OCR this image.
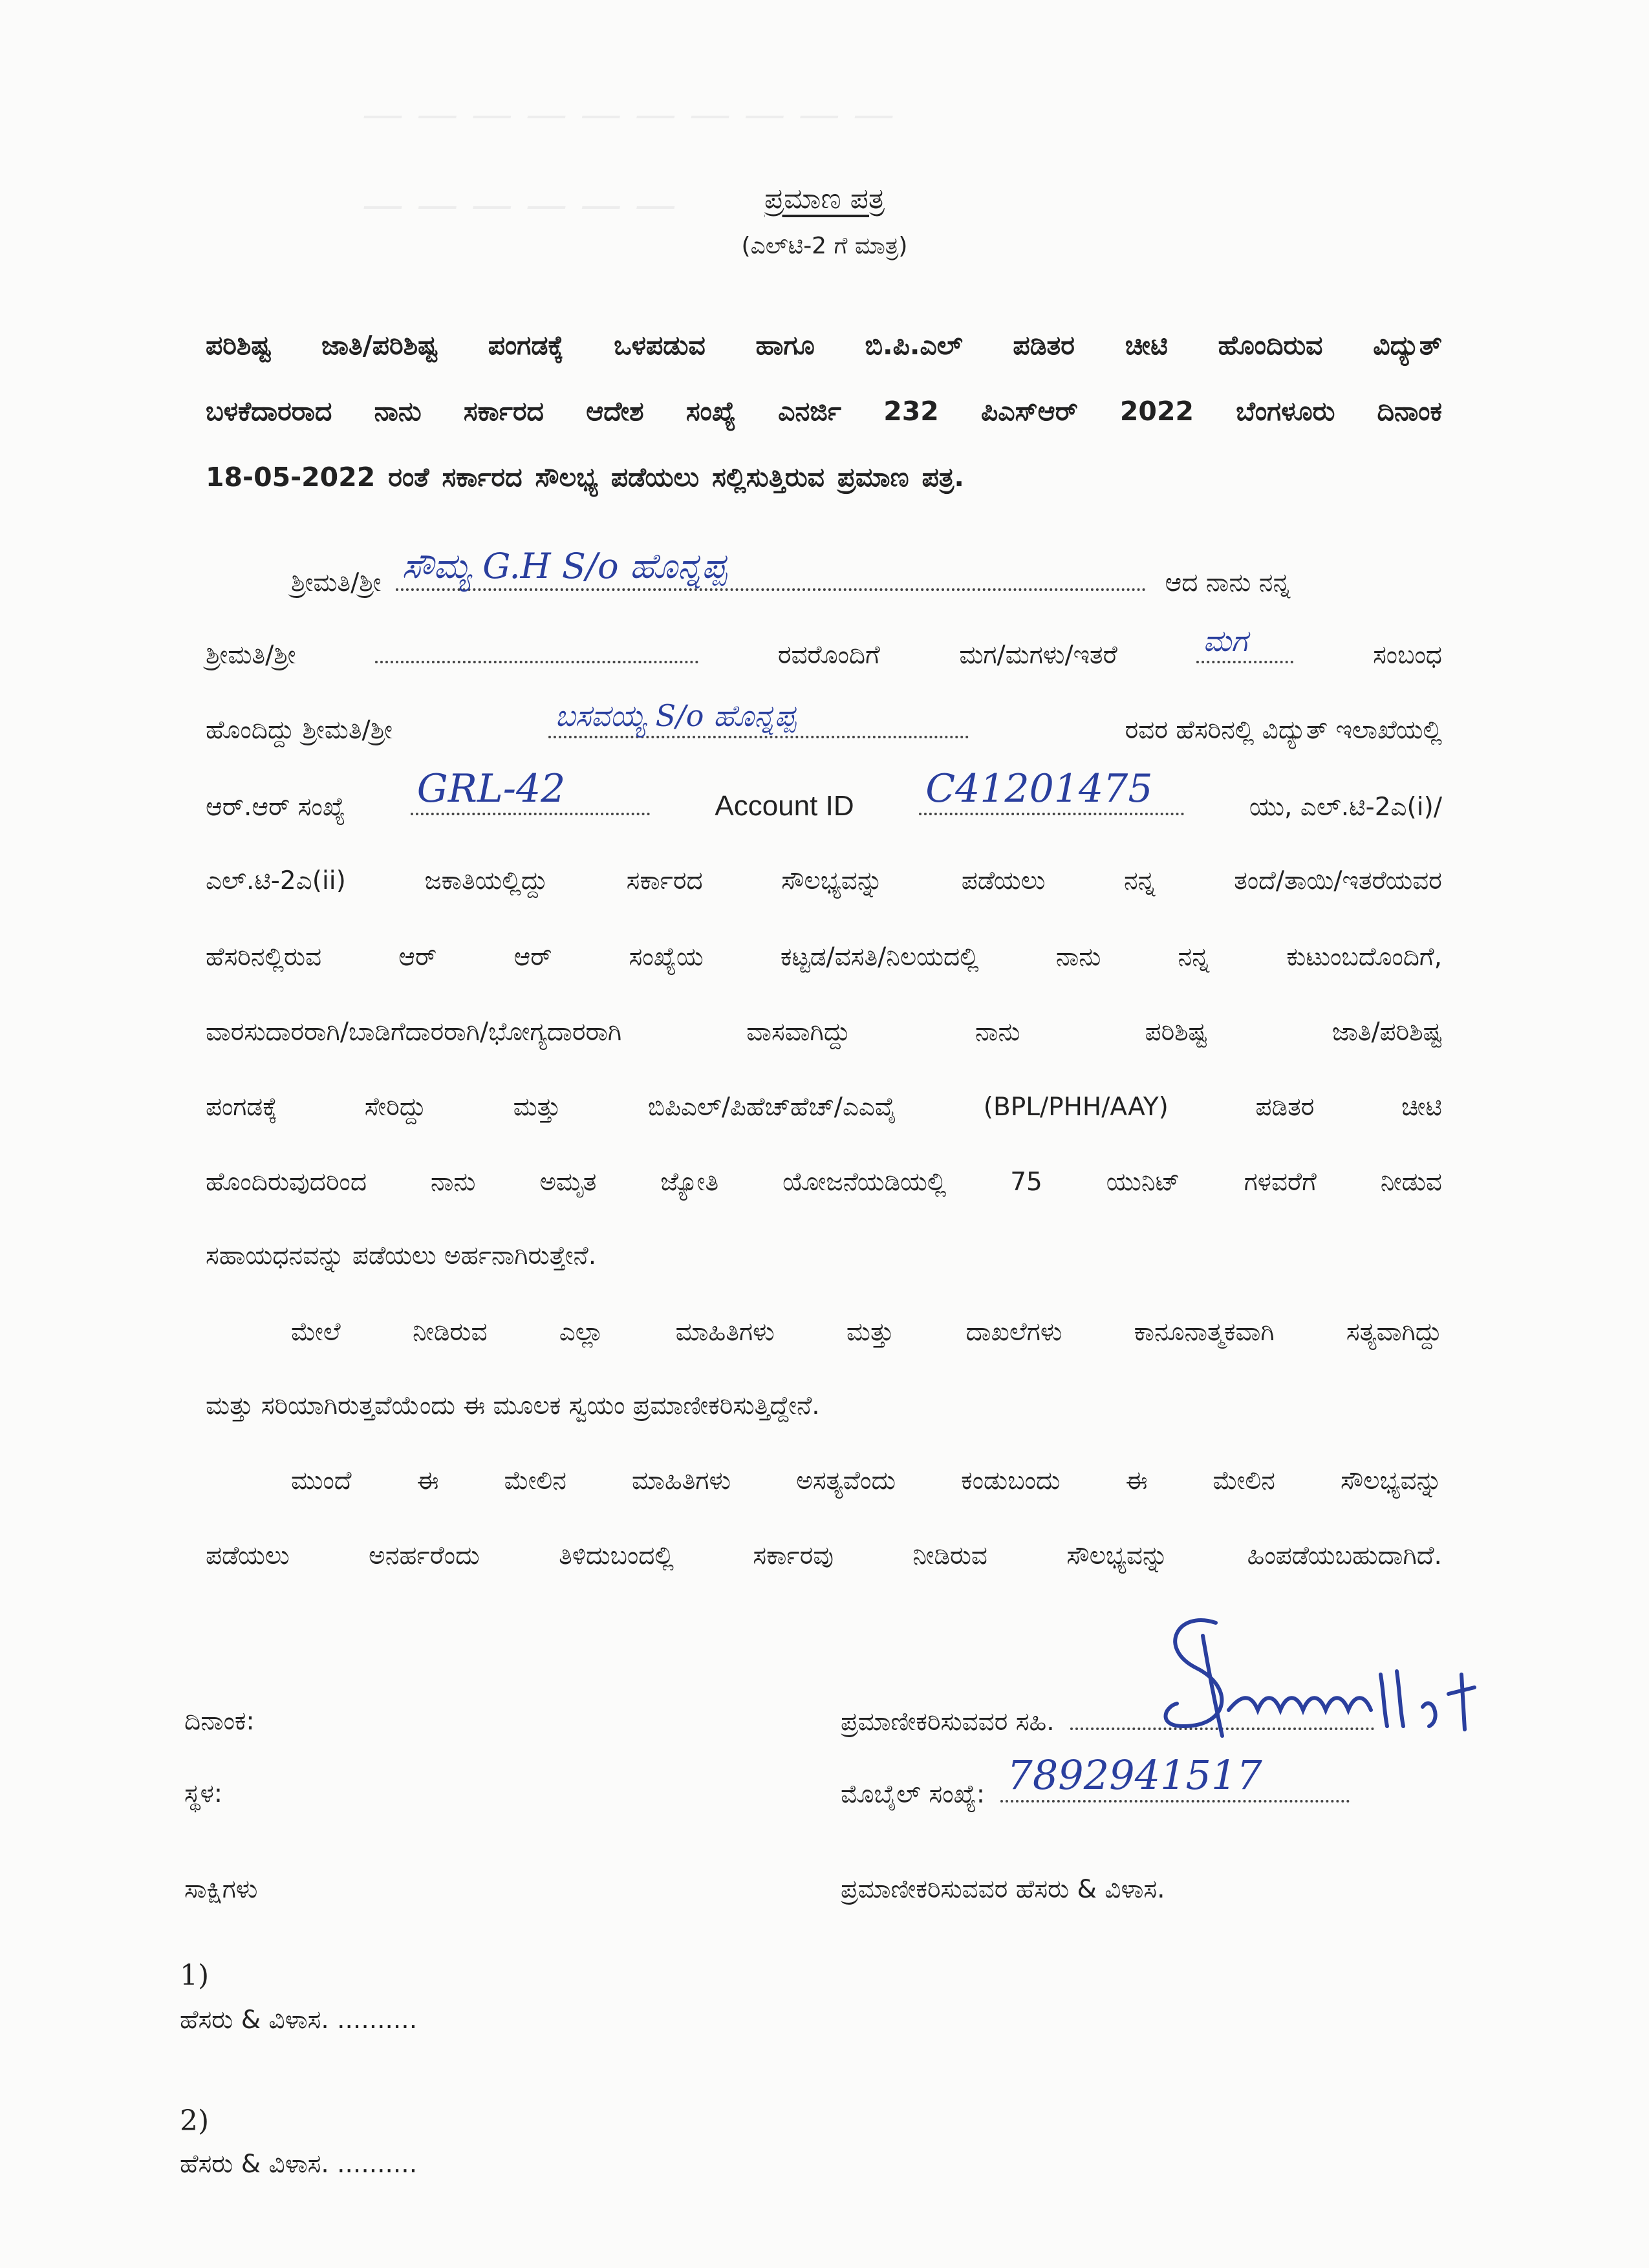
— — — — — — — — — —
— — — — — —	ಪ್ರಮಾಣ ಪತ್ರ
(ಎಲ್‌ಟಿ-2 ಗೆ ಮಾತ್ರ)
ಪರಿಶಿಷ್ಟ ಜಾತಿ/ಪರಿಶಿಷ್ಟ ಪಂಗಡಕ್ಕೆ ಒಳಪಡುವ ಹಾಗೂ ಬಿ.ಪಿ.ಎಲ್ ಪಡಿತರ ಚೀಟಿ ಹೊಂದಿರುವ ವಿದ್ಯುತ್
ಬಳಕೆದಾರರಾದ ನಾನು ಸರ್ಕಾರದ ಆದೇಶ ಸಂಖ್ಯೆ ಎನರ್ಜಿ 232 ಪಿಎಸ್‌ಆರ್ 2022 ಬೆಂಗಳೂರು ದಿನಾಂಕ
18-05-2022 ರಂತೆ ಸರ್ಕಾರದ ಸೌಲಭ್ಯ ಪಡೆಯಲು ಸಲ್ಲಿಸುತ್ತಿರುವ ಪ್ರಮಾಣ ಪತ್ರ.
ಶ್ರೀಮತಿ/ಶ್ರೀ ಸೌಮ್ಯ G.H S/o ಹೊನ್ನಪ್ಪ	ಆದ ನಾನು ನನ್ನ
ಶ್ರೀಮತಿ/ಶ್ರೀ	ರವರೊಂದಿಗೆ	ಮಗ/ಮಗಳು/ಇತರೆ	ಮಗ	ಸಂಬಂಧ
ಹೊಂದಿದ್ದು ಶ್ರೀಮತಿ/ಶ್ರೀ	ಬಸವಯ್ಯ S/o ಹೊನ್ನಪ್ಪ	ರವರ ಹೆಸರಿನಲ್ಲಿ ವಿದ್ಯುತ್ ಇಲಾಖೆಯಲ್ಲಿ
ಆರ್.ಆರ್ ಸಂಖ್ಯೆ GRL-42	Account ID C41201475	ಯು, ಎಲ್.ಟಿ-2ಎ(i)/
ಎಲ್.ಟಿ-2ಎ(ii)	ಜಕಾತಿಯಲ್ಲಿದ್ದು	ಸರ್ಕಾರದ	ಸೌಲಭ್ಯವನ್ನು	ಪಡೆಯಲು	ನನ್ನ	ತಂದೆ/ತಾಯಿ/ಇತರೆಯವರ
ಹೆಸರಿನಲ್ಲಿರುವ	ಆರ್	ಆರ್	ಸಂಖ್ಯೆಯ	ಕಟ್ಟಡ/ವಸತಿ/ನಿಲಯದಲ್ಲಿ	ನಾನು	ನನ್ನ	ಕುಟುಂಬದೊಂದಿಗೆ,
ವಾರಸುದಾರರಾಗಿ/ಬಾಡಿಗೆದಾರರಾಗಿ/ಭೋಗ್ಯದಾರರಾಗಿ	ವಾಸವಾಗಿದ್ದು	ನಾನು	ಪರಿಶಿಷ್ಟ	ಜಾತಿ/ಪರಿಶಿಷ್ಟ
ಪಂಗಡಕ್ಕೆ	ಸೇರಿದ್ದು	ಮತ್ತು	ಬಿಪಿಎಲ್/ಪಿಹೆಚ್‌ಹೆಚ್/ಎಎವೈ	(BPL/PHH/AAY)	ಪಡಿತರ	ಚೀಟಿ
ಹೊಂದಿರುವುದರಿಂದ	ನಾನು	ಅಮೃತ	ಜ್ಯೋತಿ	ಯೋಜನೆಯಡಿಯಲ್ಲಿ	75	ಯುನಿಟ್	ಗಳವರೆಗೆ	ನೀಡುವ
ಸಹಾಯಧನವನ್ನು ಪಡೆಯಲು ಅರ್ಹನಾಗಿರುತ್ತೇನೆ.
ಮೇಲೆ	ನೀಡಿರುವ	ಎಲ್ಲಾ	ಮಾಹಿತಿಗಳು	ಮತ್ತು	ದಾಖಲೆಗಳು	ಕಾನೂನಾತ್ಮಕವಾಗಿ	ಸತ್ಯವಾಗಿದ್ದು
ಮತ್ತು ಸರಿಯಾಗಿರುತ್ತವೆಯೆಂದು ಈ ಮೂಲಕ ಸ್ವಯಂ ಪ್ರಮಾಣೀಕರಿಸುತ್ತಿದ್ದೇನೆ.
ಮುಂದೆ	ಈ	ಮೇಲಿನ	ಮಾಹಿತಿಗಳು	ಅಸತ್ಯವೆಂದು	ಕಂಡುಬಂದು	ಈ	ಮೇಲಿನ	ಸೌಲಭ್ಯವನ್ನು
ಪಡೆಯಲು	ಅನರ್ಹರೆಂದು	ತಿಳಿದುಬಂದಲ್ಲಿ	ಸರ್ಕಾರವು	ನೀಡಿರುವ	ಸೌಲಭ್ಯವನ್ನು	ಹಿಂಪಡೆಯಬಹುದಾಗಿದೆ.
ದಿನಾಂಕ:
ಸ್ಥಳ:
ಸಾಕ್ಷಿಗಳು
ಪ್ರಮಾಣೀಕರಿಸುವವರ ಸಹಿ.
ಮೊಬೈಲ್ ಸಂಖ್ಯೆ: 7892941517
ಪ್ರಮಾಣೀಕರಿಸುವವರ ಹೆಸರು & ವಿಳಾಸ.
1)
ಹೆಸರು & ವಿಳಾಸ. ..........
2)
ಹೆಸರು & ವಿಳಾಸ. ..........
